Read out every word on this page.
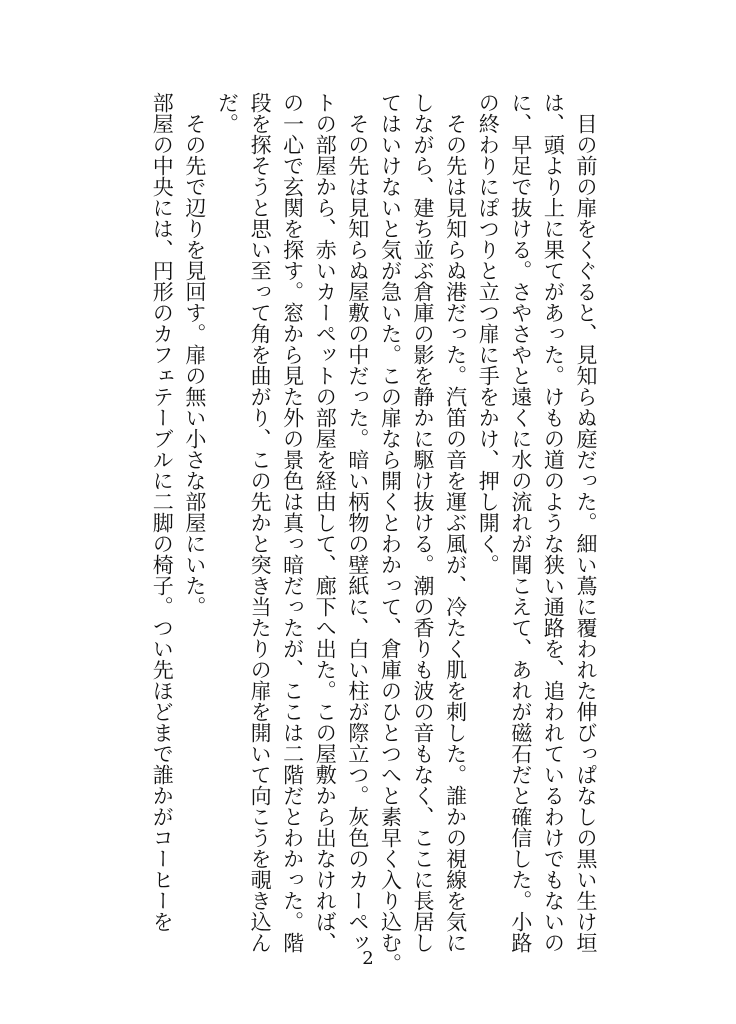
　目の前の扉をくぐると、見知らぬ庭だった。細い蔦に覆われた伸びっぱなしの黒い生け垣
は、頭より上に果てがあった。けもの道のような狭い通路を、追われているわけでもないの
に、早足で抜ける。さやさやと遠くに水の流れが聞こえて、あれが磁石だと確信した。小路
の終わりにぽつりと立つ扉に手をかけ、押し開く。
　その先は見知らぬ港だった。汽笛の音を運ぶ風が、冷たく肌を刺した。誰かの視線を気に
しながら、建ち並ぶ倉庫の影を静かに駆け抜ける。潮の香りも波の音もなく、ここに長居し
てはいけないと気が急いた。この扉なら開くとわかって、倉庫のひとつへと素早く入り込む。
　その先は見知らぬ屋敷の中だった。暗い柄物の壁紙に、白い柱が際立つ。灰色のカーペッ
トの部屋から、赤いカーペットの部屋を経由して、廊下へ出た。この屋敷から出なければ、
の一心で玄関を探す。窓から見た外の景色は真っ暗だったが、ここは二階だとわかった。階
段を探そうと思い至って角を曲がり、この先かと突き当たりの扉を開いて向こうを覗き込ん
だ。
　その先で辺りを見回す。扉の無い小さな部屋にいた。
部屋の中央には、円形のカフェテーブルに二脚の椅子。つい先ほどまで誰かがコーヒーを
2
